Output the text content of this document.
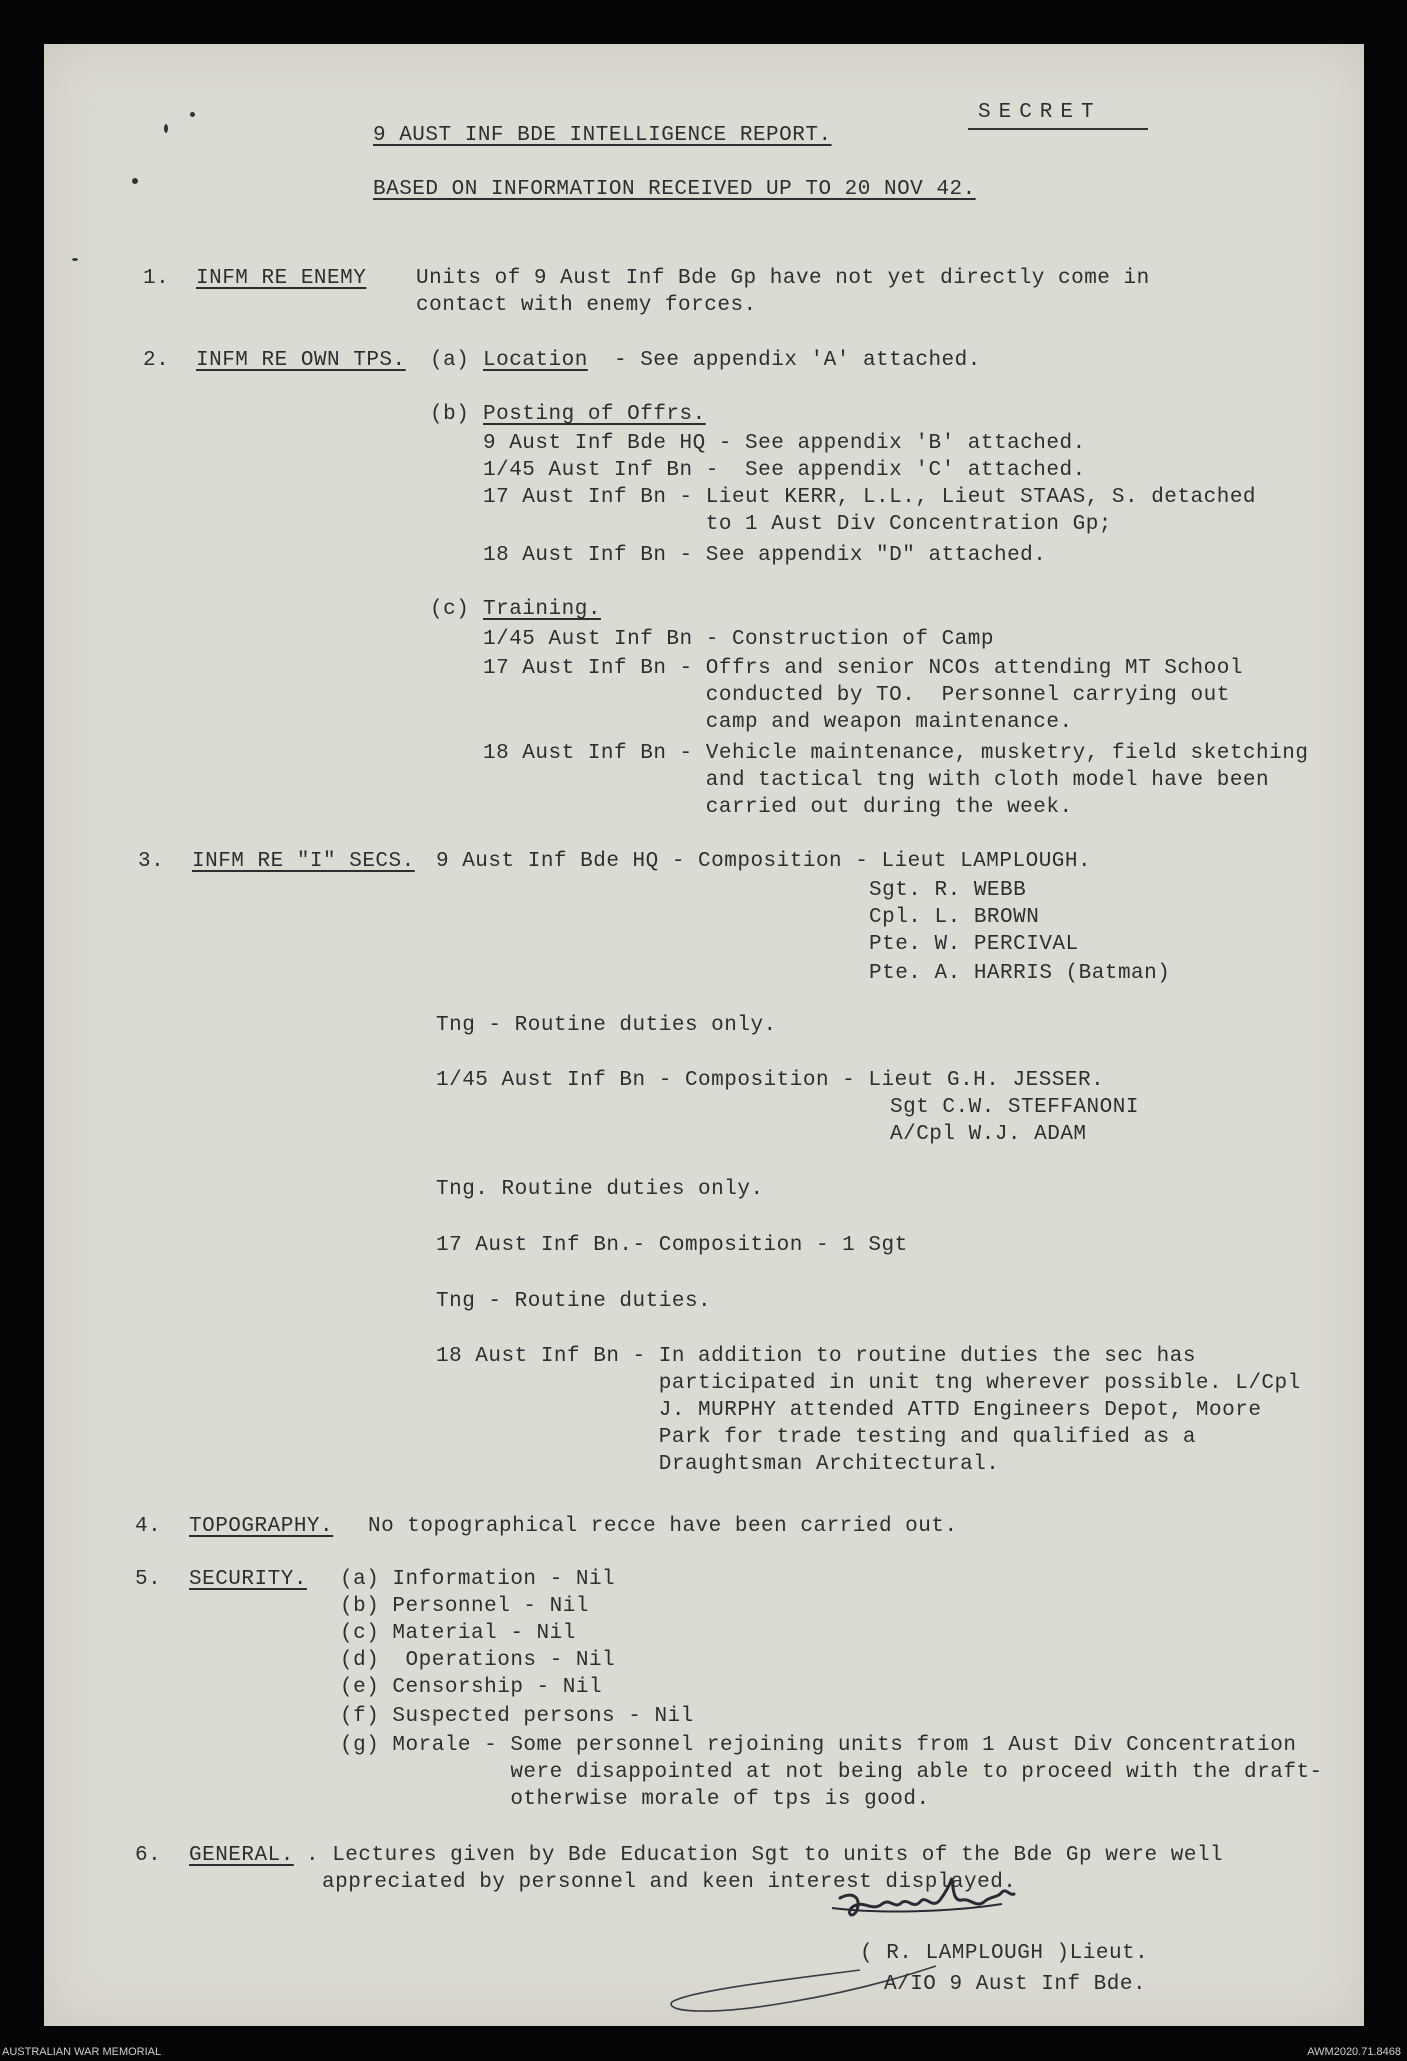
SECRET
9 AUST INF BDE INTELLIGENCE REPORT.
BASED ON INFORMATION RECEIVED UP TO 20 NOV 42.
1. INFM RE ENEMY Units of 9 Aust Inf Bde Gp have not yet directly come in
contact with enemy forces.
2. INFM RE OWN TPS. (a) Location - See appendix 'A' attached.
(b) Posting of Offrs.
9 Aust Inf Bde HQ - See appendix 'B' attached.
1/45 Aust Inf Bn -  See appendix 'C' attached.
17 Aust Inf Bn - Lieut KERR, L.L., Lieut STAAS, S. detached
to 1 Aust Div Concentration Gp;
18 Aust Inf Bn - See appendix "D" attached.
(c) Training.
1/45 Aust Inf Bn - Construction of Camp
17 Aust Inf Bn - Offrs and senior NCOs attending MT School
conducted by TO.  Personnel carrying out
camp and weapon maintenance.
18 Aust Inf Bn - Vehicle maintenance, musketry, field sketching
and tactical tng with cloth model have been
carried out during the week.
3. INFM RE "I" SECS. 9 Aust Inf Bde HQ - Composition - Lieut LAMPLOUGH.
Sgt. R. WEBB
Cpl. L. BROWN
Pte. W. PERCIVAL
Pte. A. HARRIS (Batman)
Tng - Routine duties only.
1/45 Aust Inf Bn - Composition - Lieut G.H. JESSER.
Sgt C.W. STEFFANONI
A/Cpl W.J. ADAM
Tng. Routine duties only.
17 Aust Inf Bn.- Composition - 1 Sgt
Tng - Routine duties.
18 Aust Inf Bn - In addition to routine duties the sec has
participated in unit tng wherever possible. L/Cpl
J. MURPHY attended ATTD Engineers Depot, Moore
Park for trade testing and qualified as a
Draughtsman Architectural.
4. TOPOGRAPHY. No topographical recce have been carried out.
5. SECURITY. (a) Information - Nil
(b) Personnel - Nil
(c) Material - Nil
(d)  Operations - Nil
(e) Censorship - Nil
(f) Suspected persons - Nil
(g) Morale - Some personnel rejoining units from 1 Aust Div Concentration
were disappointed at not being able to proceed with the draft-
otherwise morale of tps is good.
6. GENERAL. . Lectures given by Bde Education Sgt to units of the Bde Gp were well
appreciated by personnel and keen interest displayed.
( R. LAMPLOUGH )Lieut.
A/IO 9 Aust Inf Bde.
AUSTRALIAN WAR MEMORIAL	AWM2020.71.8468
